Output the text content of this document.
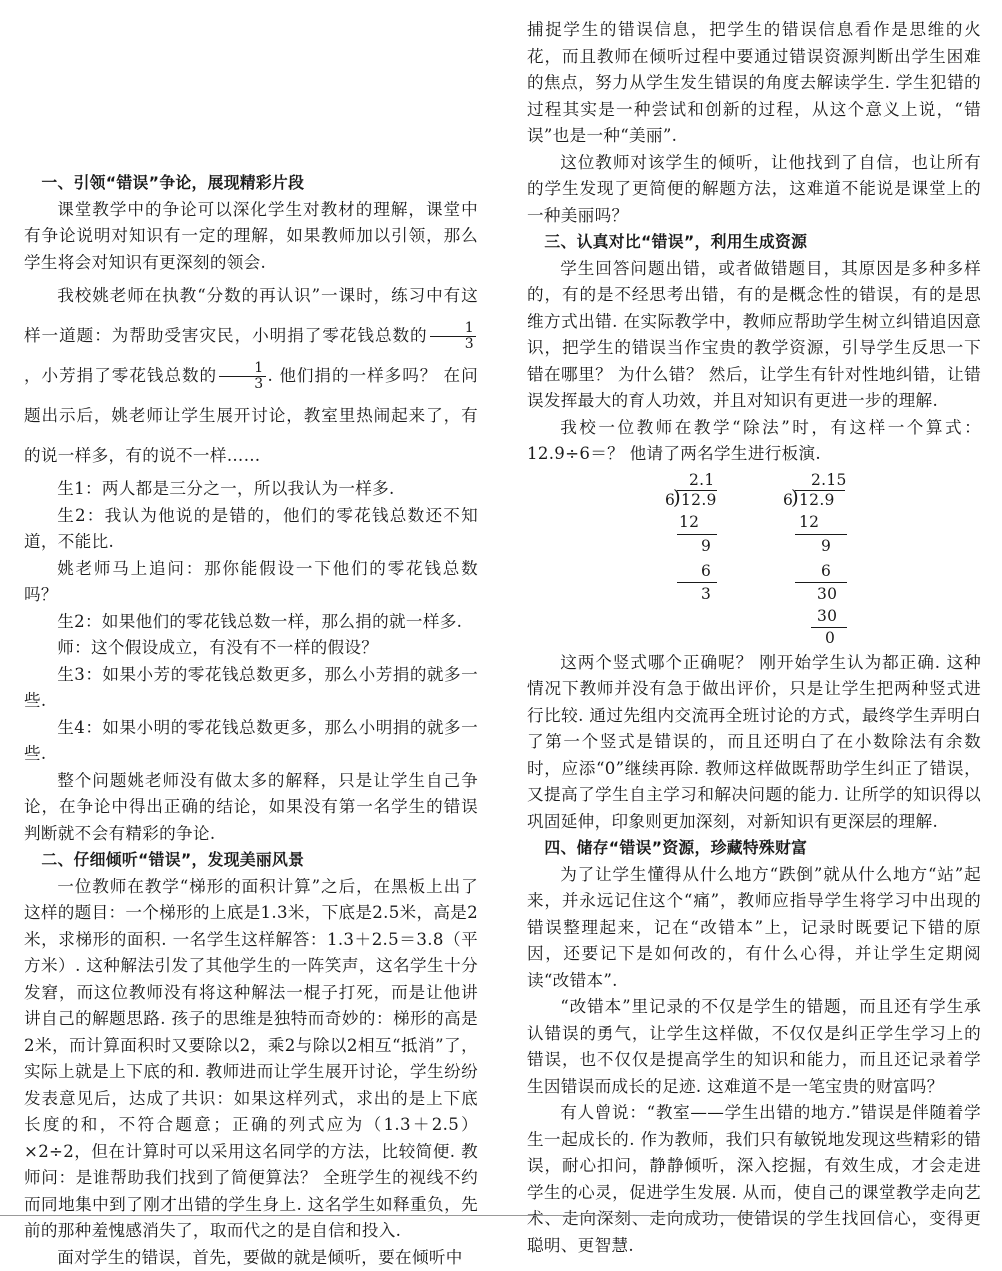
一、引领“错误”争论，展现精彩片段

课堂教学中的争论可以深化学生对教材的理解，课堂中有争论说明对知识有一定的理解，如果教师加以引领，那么学生将会对知识有更深刻的领会.

我校姚老师在执教“分数的再认识”一课时，练习中有这样一道题：为帮助受害灾民，小明捐了零花钱总数的 $\frac{1}{3}$
，小芳捐了零花钱总数的 $\frac{1}{3}$ . 他们捐的一样多吗？ 在问题出示后，姚老师让学生展开讨论，教室里热闹起来了，有的说一样多，有的说不一样……

生1：两人都是三分之一，所以我认为一样多.

生2：我认为他说的是错的，他们的零花钱总数还不知道，不能比.

姚老师马上追问：那你能假设一下他们的零花钱总数吗？

生2：如果他们的零花钱总数一样，那么捐的就一样多.

师：这个假设成立，有没有不一样的假设？

生3：如果小芳的零花钱总数更多，那么小芳捐的就多一些.

生4：如果小明的零花钱总数更多，那么小明捐的就多一些.

整个问题姚老师没有做太多的解释，只是让学生自己争论，在争论中得出正确的结论，如果没有第一名学生的错误判断就不会有精彩的争论.

二、仔细倾听“错误”，发现美丽风景

一位教师在教学“梯形的面积计算”之后，在黑板上出了这样的题目：一个梯形的上底是1.3米，下底是2.5米，高是2米，求梯形的面积. 一名学生这样解答：1.3＋2.5＝3.8（平方米）. 这种解法引发了其他学生的一阵笑声，这名学生十分发窘，而这位教师没有将这种解法一棍子打死，而是让他讲讲自己的解题思路. 孩子的思维是独特而奇妙的：梯形的高是2米，而计算面积时又要除以2，乘2与除以2相互“抵消”了，实际上就是上下底的和. 教师进而让学生展开讨论，学生纷纷发表意见后，达成了共识：如果这样列式，求出的是上下底长度的和，不符合题意；正确的列式应为（1.3＋2.5）×2÷2，但在计算时可以采用这名同学的方法，比较简便. 教师问：是谁帮助我们找到了简便算法？ 全班学生的视线不约而同地集中到了刚才出错的学生身上. 这名学生如释重负，先前的那种羞愧感消失了，取而代之的是自信和投入.

面对学生的错误，首先，要做的就是倾听，要在倾听中

捕捉学生的错误信息，把学生的错误信息看作是思维的火花，而且教师在倾听过程中要通过错误资源判断出学生困难的焦点，努力从学生发生错误的角度去解读学生. 学生犯错的过程其实是一种尝试和创新的过程，从这个意义上说，“错误”也是一种“美丽”.

这位教师对该学生的倾听，让他找到了自信，也让所有的学生发现了更简便的解题方法，这难道不能说是课堂上的一种美丽吗？

三、认真对比“错误”，利用生成资源

学生回答问题出错，或者做错题目，其原因是多种多样的，有的是不经思考出错，有的是概念性的错误，有的是思维方式出错. 在实际教学中，教师应帮助学生树立纠错追因意识，把学生的错误当作宝贵的教学资源，引导学生反思一下错在哪里？ 为什么错？ 然后，让学生有针对性地纠错，让错误发挥最大的育人功效，并且对知识有更进一步的理解.

我校一位教师在教学“除法”时，有这样一个算式：12.9÷6＝？ 他请了两名学生进行板演.

2.1
6
) 12.9
12
9
6
3
2.15
6
) 12.9
12
9
6
30
30
0

这两个竖式哪个正确呢？ 刚开始学生认为都正确. 这种情况下教师并没有急于做出评价，只是让学生把两种竖式进行比较. 通过先组内交流再全班讨论的方式，最终学生弄明白了第一个竖式是错误的，而且还明白了在小数除法有余数时，应添“0”继续再除. 教师这样做既帮助学生纠正了错误，又提高了学生自主学习和解决问题的能力. 让所学的知识得以巩固延伸，印象则更加深刻，对新知识有更深层的理解.

四、储存“错误”资源，珍藏特殊财富

为了让学生懂得从什么地方“跌倒”就从什么地方“站”起来，并永远记住这个“痛”，教师应指导学生将学习中出现的错误整理起来，记在“改错本”上，记录时既要记下错的原因，还要记下是如何改的，有什么心得，并让学生定期阅读“改错本”.

“改错本”里记录的不仅是学生的错题，而且还有学生承认错误的勇气，让学生这样做，不仅仅是纠正学生学习上的错误，也不仅仅是提高学生的知识和能力，而且还记录着学生因错误而成长的足迹. 这难道不是一笔宝贵的财富吗？

有人曾说：“教室——学生出错的地方.”错误是伴随着学生一起成长的. 作为教师，我们只有敏锐地发现这些精彩的错误，耐心扣问，静静倾听，深入挖掘，有效生成，才会走进学生的心灵，促进学生发展. 从而，使自己的课堂教学走向艺术、走向深刻、走向成功，使错误的学生找回信心，变得更聪明、更智慧.
